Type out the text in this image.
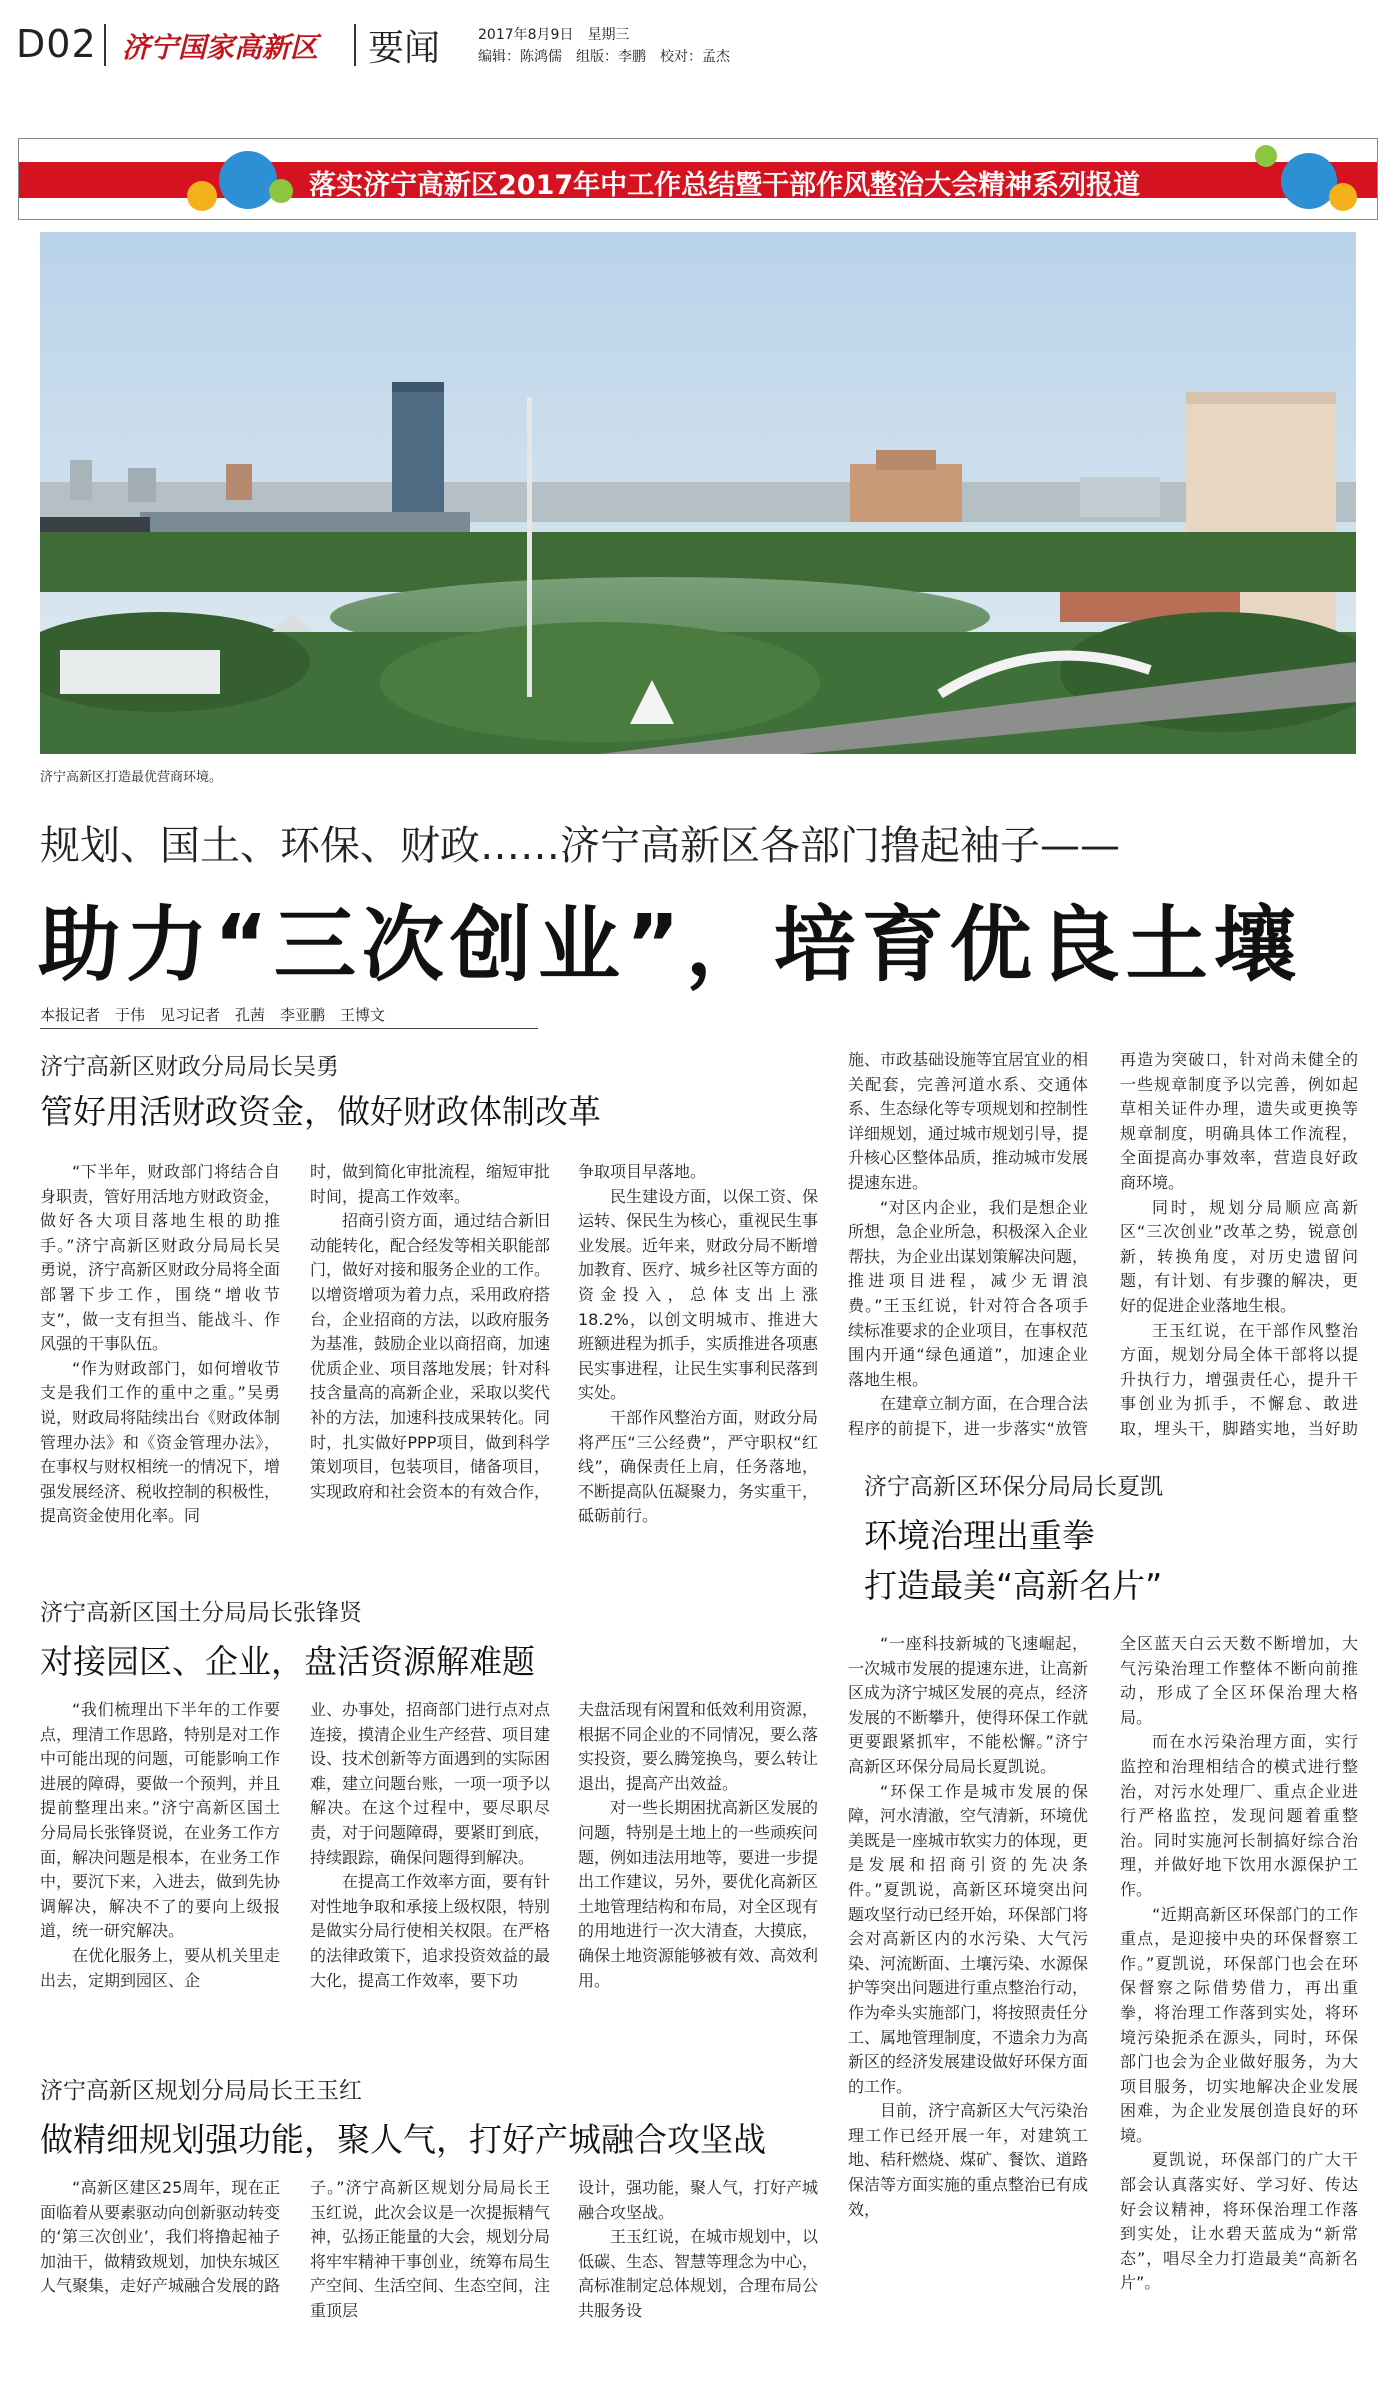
D02 济宁国家高新区 要闻	2017年8月9日　星期三
编辑：陈鸿儒　组版：李鹏　校对：孟杰
落实济宁高新区2017年中工作总结暨干部作风整治大会精神系列报道
济宁高新区打造最优营商环境。
规划、国土、环保、财政……济宁高新区各部门撸起袖子——
助力“三次创业”，培育优良土壤
本报记者　于伟　见习记者　孔茜　李亚鹏　王博文
济宁高新区财政分局局长吴勇
管好用活财政资金，做好财政体制改革

“下半年，财政部门将结合自身职责，管好用活地方财政资金，做好各大项目落地生根的助推手。”济宁高新区财政分局局长吴勇说，济宁高新区财政分局将全面部署下步工作，围绕“增收节支”，做一支有担当、能战斗、作风强的干事队伍。

“作为财政部门，如何增收节支是我们工作的重中之重。”吴勇说，财政局将陆续出台《财政体制管理办法》和《资金管理办法》，在事权与财权相统一的情况下，增强发展经济、税收控制的积极性，提高资金使用化率。同

时，做到简化审批流程，缩短审批时间，提高工作效率。

招商引资方面，通过结合新旧动能转化，配合经发等相关职能部门，做好对接和服务企业的工作。以增资增项为着力点，采用政府搭台，企业招商的方法，以政府服务为基准，鼓励企业以商招商，加速优质企业、项目落地发展；针对科技含量高的高新企业，采取以奖代补的方法，加速科技成果转化。同时，扎实做好PPP项目，做到科学策划项目，包装项目，储备项目，实现政府和社会资本的有效合作，

争取项目早落地。

民生建设方面，以保工资、保运转、保民生为核心，重视民生事业发展。近年来，财政分局不断增加教育、医疗、城乡社区等方面的资金投入，总体支出上涨18.2%，以创文明城市、推进大班额进程为抓手，实质推进各项惠民实事进程，让民生实事利民落到实处。

干部作风整治方面，财政分局将严压“三公经费”，严守职权“红线”，确保责任上肩，任务落地，不断提高队伍凝聚力，务实重干，砥砺前行。

济宁高新区国土分局局长张锋贤
对接园区、企业，盘活资源解难题

“我们梳理出下半年的工作要点，理清工作思路，特别是对工作中可能出现的问题，可能影响工作进展的障碍，要做一个预判，并且提前整理出来。”济宁高新区国土分局局长张锋贤说，在业务工作方面，解决问题是根本，在业务工作中，要沉下来，入进去，做到先协调解决，解决不了的要向上级报道，统一研究解决。

在优化服务上，要从机关里走出去，定期到园区、企

业、办事处，招商部门进行点对点连接，摸清企业生产经营、项目建设、技术创新等方面遇到的实际困难，建立问题台账，一项一项予以解决。在这个过程中，要尽职尽责，对于问题障碍，要紧盯到底，持续跟踪，确保问题得到解决。

在提高工作效率方面，要有针对性地争取和承接上级权限，特别是做实分局行使相关权限。在严格的法律政策下，追求投资效益的最大化，提高工作效率，要下功

夫盘活现有闲置和低效利用资源，根据不同企业的不同情况，要么落实投资，要么腾笼换鸟，要么转让退出，提高产出效益。

对一些长期困扰高新区发展的问题，特别是土地上的一些顽疾问题，例如违法用地等，要进一步提出工作建议，另外，要优化高新区土地管理结构和布局，对全区现有的用地进行一次大清查，大摸底，确保土地资源能够被有效、高效利用。

济宁高新区规划分局局长王玉红
做精细规划强功能，聚人气，打好产城融合攻坚战

“高新区建区25周年，现在正面临着从要素驱动向创新驱动转变的‘第三次创业’，我们将撸起袖子加油干，做精致规划，加快东城区人气聚集，走好产城融合发展的路

子。”济宁高新区规划分局局长王玉红说，此次会议是一次提振精气神，弘扬正能量的大会，规划分局将牢牢精神干事创业，统筹布局生产空间、生活空间、生态空间，注重顶层

设计，强功能，聚人气，打好产城融合攻坚战。

王玉红说，在城市规划中，以低碳、生态、智慧等理念为中心，高标准制定总体规划，合理布局公共服务设

施、市政基础设施等宜居宜业的相关配套，完善河道水系、交通体系、生态绿化等专项规划和控制性详细规划，通过城市规划引导，提升核心区整体品质，推动城市发展提速东进。

“对区内企业，我们是想企业所想，急企业所急，积极深入企业帮扶，为企业出谋划策解决问题，推进项目进程，减少无谓浪费。”王玉红说，针对符合各项手续标准要求的企业项目，在事权范围内开通“绿色通道”，加速企业落地生根。

在建章立制方面，在合理合法程序的前提下，进一步落实“放管

再造为突破口，针对尚未健全的一些规章制度予以完善，例如起草相关证件办理，遗失或更换等规章制度，明确具体工作流程，全面提高办事效率，营造良好政商环境。

同时，规划分局顺应高新区“三次创业”改革之势，锐意创新，转换角度，对历史遗留问题，有计划、有步骤的解决，更好的促进企业落地生根。

王玉红说，在干部作风整治方面，规划分局全体干部将以提升执行力，增强责任心，提升干事创业为抓手，不懈怠、敢进取，埋头干，脚踏实地，当好助

济宁高新区环保分局局长夏凯
环境治理出重拳
打造最美“高新名片”

“一座科技新城的飞速崛起，一次城市发展的提速东进，让高新区成为济宁城区发展的亮点，经济发展的不断攀升，使得环保工作就更要跟紧抓牢，不能松懈。”济宁高新区环保分局局长夏凯说。

“环保工作是城市发展的保障，河水清澈，空气清新，环境优美既是一座城市软实力的体现，更是发展和招商引资的先决条件。”夏凯说，高新区环境突出问题攻坚行动已经开始，环保部门将会对高新区内的水污染、大气污染、河流断面、土壤污染、水源保护等突出问题进行重点整治行动，作为牵头实施部门，将按照责任分工、属地管理制度，不遗余力为高新区的经济发展建设做好环保方面的工作。

目前，济宁高新区大气污染治理工作已经开展一年，对建筑工地、秸秆燃烧、煤矿、餐饮、道路保洁等方面实施的重点整治已有成效，

全区蓝天白云天数不断增加，大气污染治理工作整体不断向前推动，形成了全区环保治理大格局。

而在水污染治理方面，实行监控和治理相结合的模式进行整治，对污水处理厂、重点企业进行严格监控，发现问题着重整治。同时实施河长制搞好综合治理，并做好地下饮用水源保护工作。

“近期高新区环保部门的工作重点，是迎接中央的环保督察工作。”夏凯说，环保部门也会在环保督察之际借势借力，再出重拳，将治理工作落到实处，将环境污染扼杀在源头，同时，环保部门也会为企业做好服务，为大项目服务，切实地解决企业发展困难，为企业发展创造良好的环境。

夏凯说，环保部门的广大干部会认真落实好、学习好、传达好会议精神，将环保治理工作落到实处，让水碧天蓝成为“新常态”，唱尽全力打造最美“高新名片”。
